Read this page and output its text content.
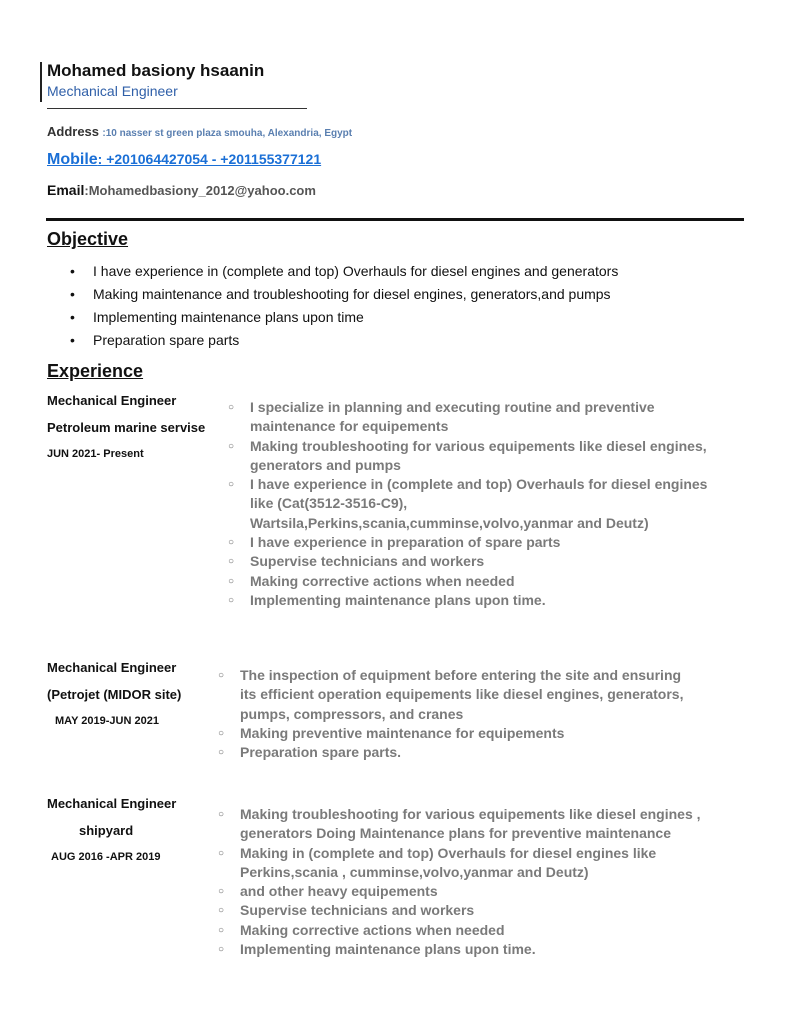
Mohamed basiony hsaanin
Mechanical Engineer
Address :10 nasser st green plaza smouha, Alexandria, Egypt
Mobile: +201064427054 - +201155377121
Email:Mohamedbasiony_2012@yahoo.com
Objective
• I have experience in (complete and top) Overhauls for diesel engines and generators
• Making maintenance and troubleshooting for diesel engines, generators,and pumps
• Implementing maintenance plans upon time
• Preparation spare parts
Experience
Mechanical Engineer
Petroleum marine servise
JUN 2021- Present
○ I specialize in planning and executing routine and preventive
maintenance for equipements
○ Making troubleshooting for various equipements like diesel engines,
generators and pumps
○ I have experience in (complete and top) Overhauls for diesel engines
like (Cat(3512-3516-C9),
Wartsila,Perkins,scania,cumminse,volvo,yanmar and Deutz)
○ I have experience in preparation of spare parts
○ Supervise technicians and workers
○ Making corrective actions when needed
○ Implementing maintenance plans upon time.
Mechanical Engineer
(Petrojet (MIDOR site)
MAY 2019-JUN 2021
○ The inspection of equipment before entering the site and ensuring
its efficient operation equipements like diesel engines, generators,
pumps, compressors, and cranes
○ Making preventive maintenance for equipements
○ Preparation spare parts.
Mechanical Engineer
shipyard
AUG 2016 -APR 2019
○ Making troubleshooting for various equipements like diesel engines ,
generators Doing Maintenance plans for preventive maintenance
○ Making in (complete and top) Overhauls for diesel engines like
Perkins,scania , cumminse,volvo,yanmar and Deutz)
○ and other heavy equipements
○ Supervise technicians and workers
○ Making corrective actions when needed
○ Implementing maintenance plans upon time.
